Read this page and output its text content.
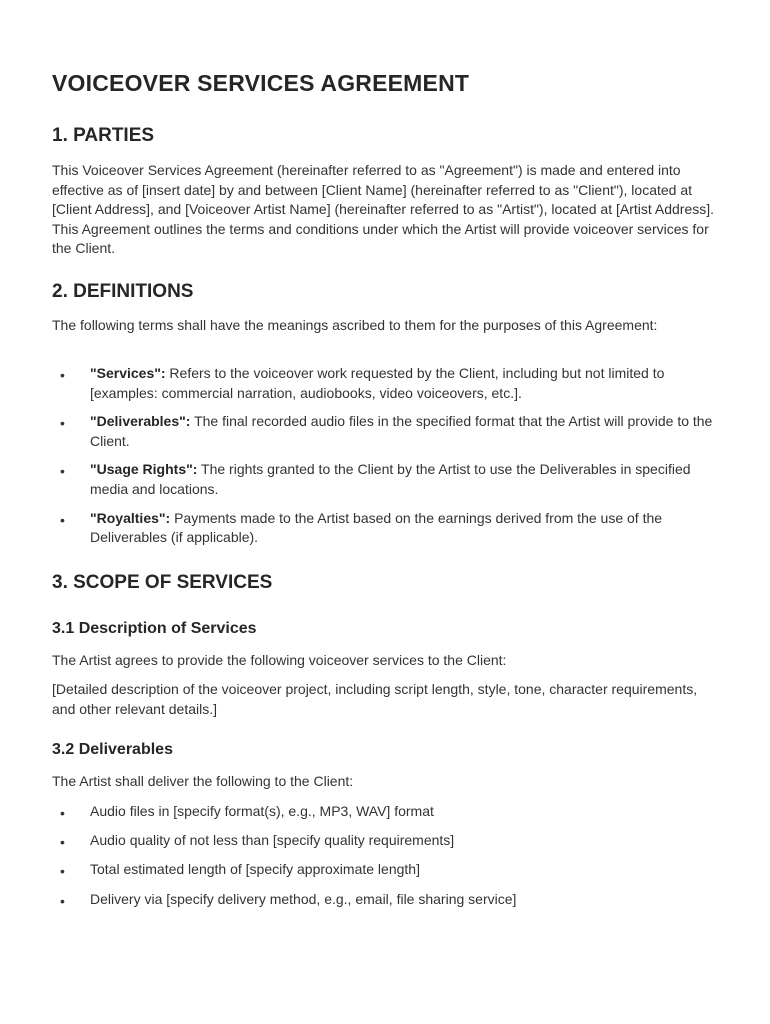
VOICEOVER SERVICES AGREEMENT
1. PARTIES

This Voiceover Services Agreement (hereinafter referred to as "Agreement") is made and entered into effective as of [insert date] by and between [Client Name] (hereinafter referred to as "Client"), located at [Client Address], and [Voiceover Artist Name] (hereinafter referred to as "Artist"), located at [Artist Address]. This Agreement outlines the terms and conditions under which the Artist will provide voiceover services for the Client.

2. DEFINITIONS

The following terms shall have the meanings ascribed to them for the purposes of this Agreement:

• "Services": Refers to the voiceover work requested by the Client, including but not limited to [examples: commercial narration, audiobooks, video voiceovers, etc.].
• "Deliverables": The final recorded audio files in the specified format that the Artist will provide to the Client.
• "Usage Rights": The rights granted to the Client by the Artist to use the Deliverables in specified media and locations.
• "Royalties": Payments made to the Artist based on the earnings derived from the use of the Deliverables (if applicable).
3. SCOPE OF SERVICES
3.1 Description of Services

The Artist agrees to provide the following voiceover services to the Client:

[Detailed description of the voiceover project, including script length, style, tone, character requirements, and other relevant details.]

3.2 Deliverables

The Artist shall deliver the following to the Client:

• Audio files in [specify format(s), e.g., MP3, WAV] format
• Audio quality of not less than [specify quality requirements]
• Total estimated length of [specify approximate length]
• Delivery via [specify delivery method, e.g., email, file sharing service]
